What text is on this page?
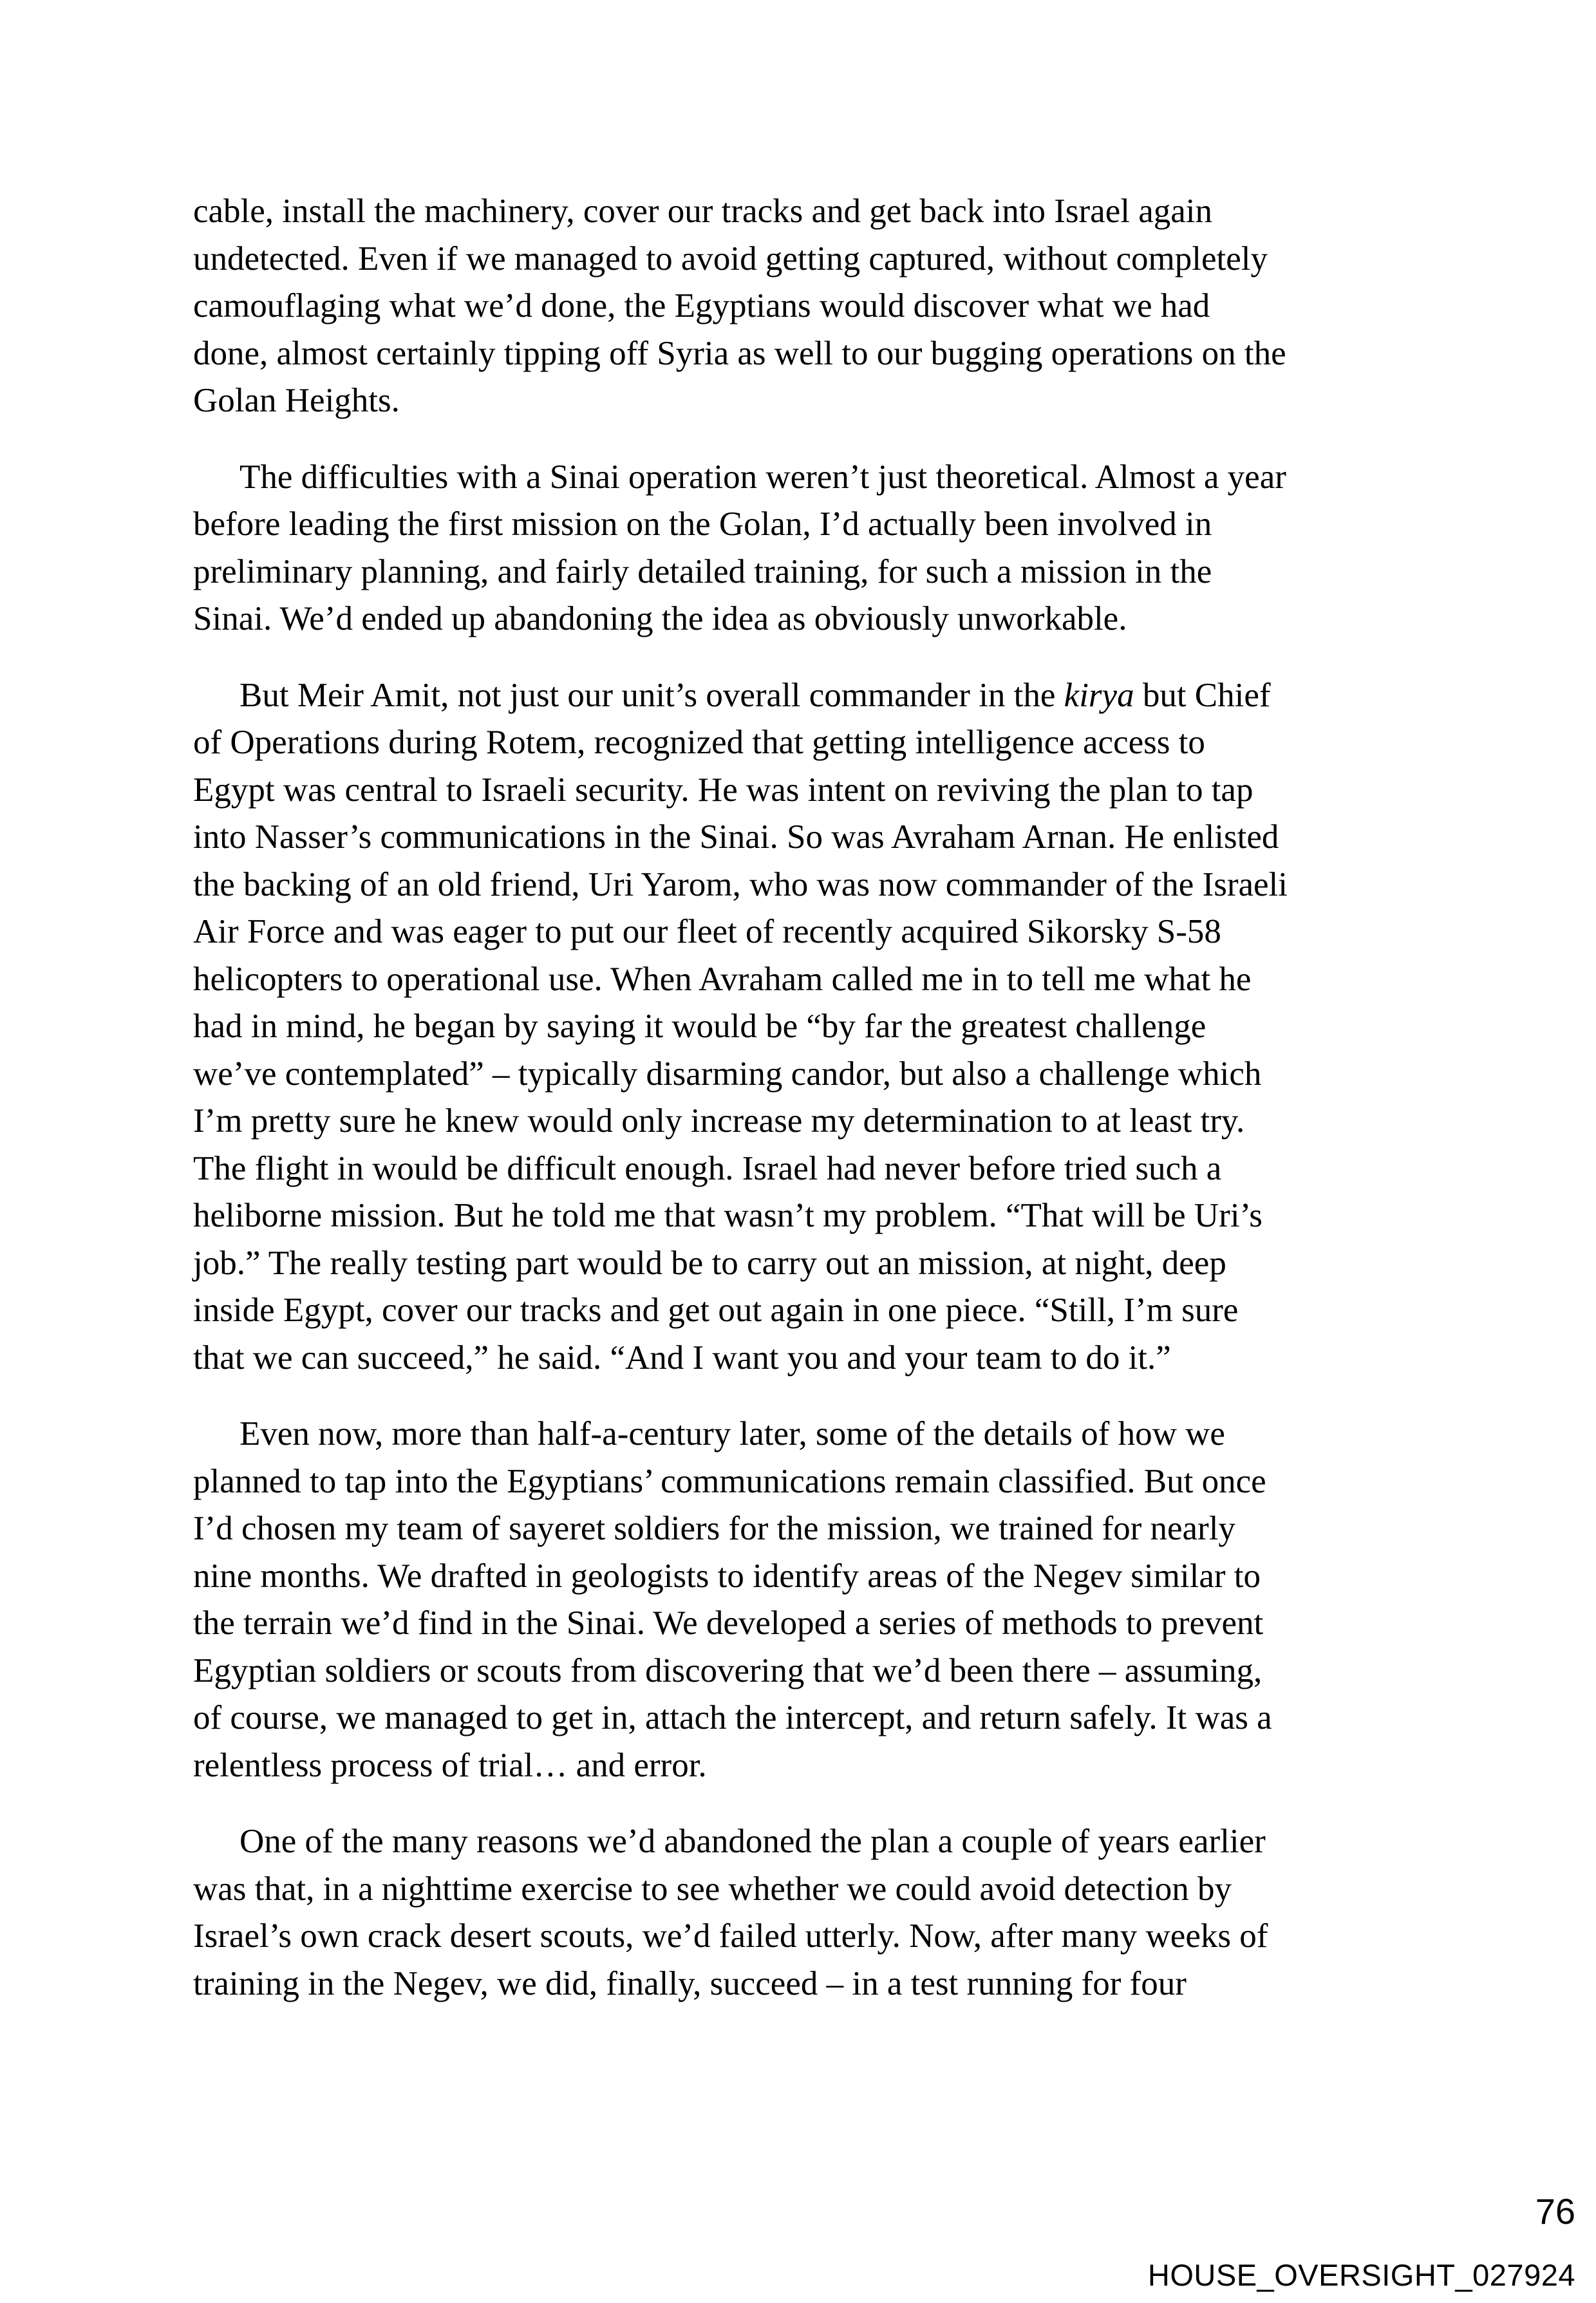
cable, install the machinery, cover our tracks and get back into Israel again
undetected. Even if we managed to avoid getting captured, without completely
camouflaging what we’d done, the Egyptians would discover what we had
done, almost certainly tipping off Syria as well to our bugging operations on the
Golan Heights.

The difficulties with a Sinai operation weren’t just theoretical. Almost a year
before leading the first mission on the Golan, I’d actually been involved in
preliminary planning, and fairly detailed training, for such a mission in the
Sinai. We’d ended up abandoning the idea as obviously unworkable.

But Meir Amit, not just our unit’s overall commander in the kirya but Chief
of Operations during Rotem, recognized that getting intelligence access to
Egypt was central to Israeli security. He was intent on reviving the plan to tap
into Nasser’s communications in the Sinai. So was Avraham Arnan. He enlisted
the backing of an old friend, Uri Yarom, who was now commander of the Israeli
Air Force and was eager to put our fleet of recently acquired Sikorsky S-58
helicopters to operational use. When Avraham called me in to tell me what he
had in mind, he began by saying it would be “by far the greatest challenge
we’ve contemplated” – typically disarming candor, but also a challenge which
I’m pretty sure he knew would only increase my determination to at least try.
The flight in would be difficult enough. Israel had never before tried such a
heliborne mission. But he told me that wasn’t my problem. “That will be Uri’s
job.” The really testing part would be to carry out an mission, at night, deep
inside Egypt, cover our tracks and get out again in one piece. “Still, I’m sure
that we can succeed,” he said. “And I want you and your team to do it.”

Even now, more than half-a-century later, some of the details of how we
planned to tap into the Egyptians’ communications remain classified. But once
I’d chosen my team of sayeret soldiers for the mission, we trained for nearly
nine months. We drafted in geologists to identify areas of the Negev similar to
the terrain we’d find in the Sinai. We developed a series of methods to prevent
Egyptian soldiers or scouts from discovering that we’d been there – assuming,
of course, we managed to get in, attach the intercept, and return safely. It was a
relentless process of trial… and error.

One of the many reasons we’d abandoned the plan a couple of years earlier
was that, in a nighttime exercise to see whether we could avoid detection by
Israel’s own crack desert scouts, we’d failed utterly. Now, after many weeks of
training in the Negev, we did, finally, succeed – in a test running for four

76
HOUSE_OVERSIGHT_027924
